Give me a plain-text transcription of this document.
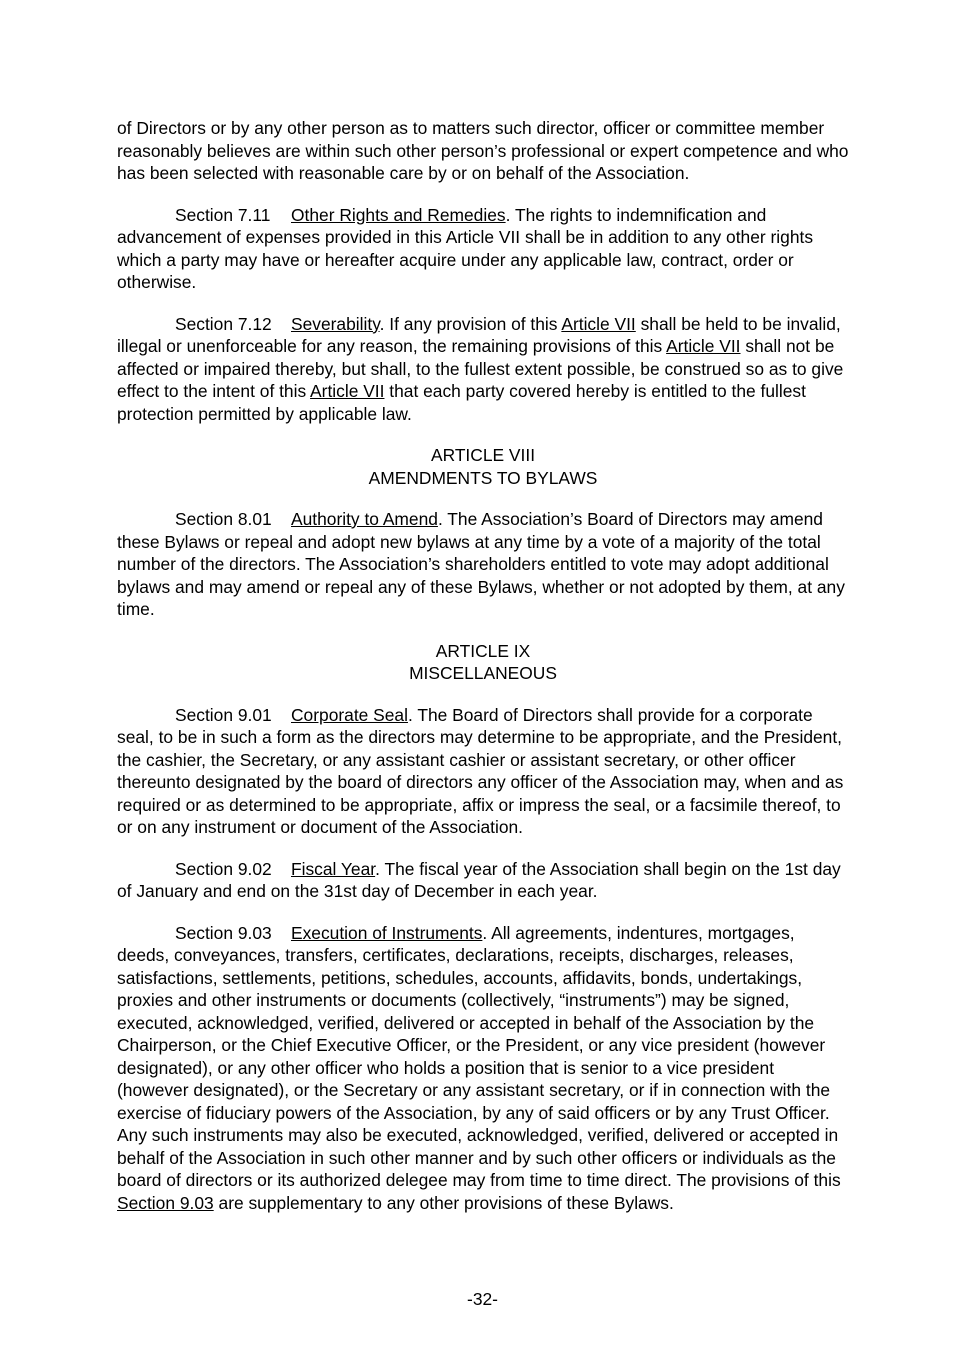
of Directors or by any other person as to matters such director, officer or committee member reasonably believes are within such other person’s professional or expert competence and who has been selected with reasonable care by or on behalf of the Association.

Section 7.11 Other Rights and Remedies. The rights to indemnification and advancement of expenses provided in this Article VII shall be in addition to any other rights which a party may have or hereafter acquire under any applicable law, contract, order or otherwise.

Section 7.12 Severability. If any provision of this Article VII shall be held to be invalid, illegal or unenforceable for any reason, the remaining provisions of this Article VII shall not be affected or impaired thereby, but shall, to the fullest extent possible, be construed so as to give effect to the intent of this Article VII that each party covered hereby is entitled to the fullest protection permitted by applicable law.

ARTICLE VIII
AMENDMENTS TO BYLAWS

Section 8.01 Authority to Amend. The Association’s Board of Directors may amend these Bylaws or repeal and adopt new bylaws at any time by a vote of a majority of the total number of the directors. The Association’s shareholders entitled to vote may adopt additional bylaws and may amend or repeal any of these Bylaws, whether or not adopted by them, at any time.

ARTICLE IX
MISCELLANEOUS

Section 9.01 Corporate Seal. The Board of Directors shall provide for a corporate seal, to be in such a form as the directors may determine to be appropriate, and the President, the cashier, the Secretary, or any assistant cashier or assistant secretary, or other officer thereunto designated by the board of directors any officer of the Association may, when and as required or as determined to be appropriate, affix or impress the seal, or a facsimile thereof, to or on any instrument or document of the Association.

Section 9.02 Fiscal Year. The fiscal year of the Association shall begin on the 1st day of January and end on the 31st day of December in each year.

Section 9.03 Execution of Instruments. All agreements, indentures, mortgages, deeds, conveyances, transfers, certificates, declarations, receipts, discharges, releases, satisfactions, settlements, petitions, schedules, accounts, affidavits, bonds, undertakings, proxies and other instruments or documents (collectively, “instruments”) may be signed, executed, acknowledged, verified, delivered or accepted in behalf of the Association by the Chairperson, or the Chief Executive Officer, or the President, or any vice president (however designated), or any other officer who holds a position that is senior to a vice president (however designated), or the Secretary or any assistant secretary, or if in connection with the exercise of fiduciary powers of the Association, by any of said officers or by any Trust Officer. Any such instruments may also be executed, acknowledged, verified, delivered or accepted in behalf of the Association in such other manner and by such other officers or individuals as the board of directors or its authorized delegee may from time to time direct. The provisions of this Section 9.03 are supplementary to any other provisions of these Bylaws.

-32-
